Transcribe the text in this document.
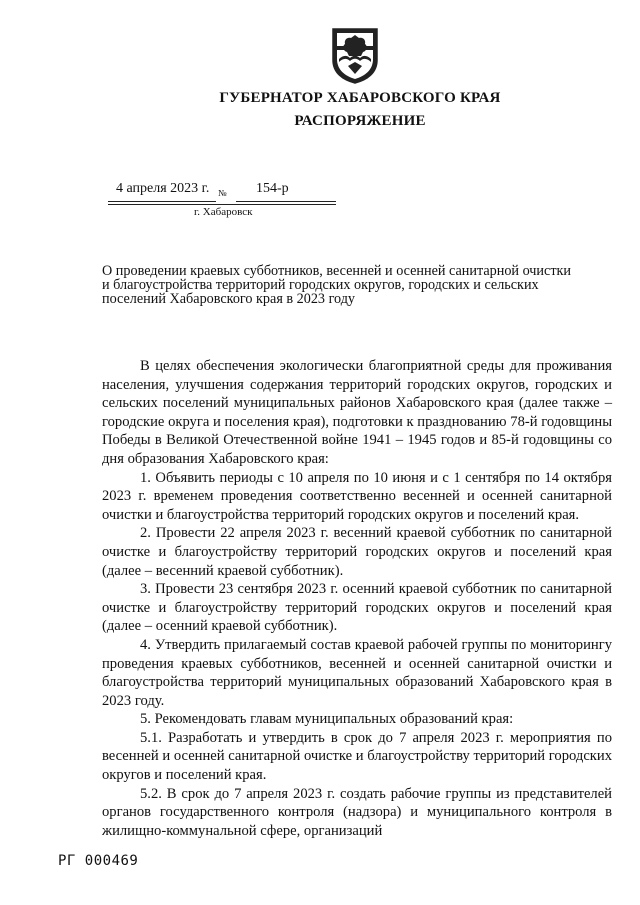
ГУБЕРНАТОР ХАБАРОВСКОГО КРАЯ
РАСПОРЯЖЕНИЕ
4 апреля 2023 г. № 154-р
г. Хабаровск
О проведении краевых субботников, весенней и осенней санитарной очистки
и благоустройства территорий городских округов, городских и сельских
поселений Хабаровского края в 2023 году

В целях обеспечения экологически благоприятной среды для проживания населения, улучшения содержания территорий городских округов, городских и сельских поселений муниципальных районов Хабаровского края (далее также – городские округа и поселения края), подготовки к празднованию 78-й годовщины Победы в Великой Отечественной войне 1941 – 1945 годов и 85-й годовщины со дня образования Хабаровского края:

1. Объявить периоды с 10 апреля по 10 июня и с 1 сентября по 14 октября 2023 г. временем проведения соответственно весенней и осенней санитарной очистки и благоустройства территорий городских округов и поселений края.

2. Провести 22 апреля 2023 г. весенний краевой субботник по санитарной очистке и благоустройству территорий городских округов и поселений края (далее – весенний краевой субботник).

3. Провести 23 сентября 2023 г. осенний краевой субботник по санитарной очистке и благоустройству территорий городских округов и поселений края (далее – осенний краевой субботник).

4. Утвердить прилагаемый состав краевой рабочей группы по мониторингу проведения краевых субботников, весенней и осенней санитарной очистки и благоустройства территорий муниципальных образований Хабаровского края в 2023 году.

5. Рекомендовать главам муниципальных образований края:

5.1. Разработать и утвердить в срок до 7 апреля 2023 г. мероприятия по весенней и осенней санитарной очистке и благоустройству территорий городских округов и поселений края.

5.2. В срок до 7 апреля 2023 г. создать рабочие группы из представителей органов государственного контроля (надзора) и муниципального контроля в жилищно-коммунальной сфере, организаций

РГ 000469
